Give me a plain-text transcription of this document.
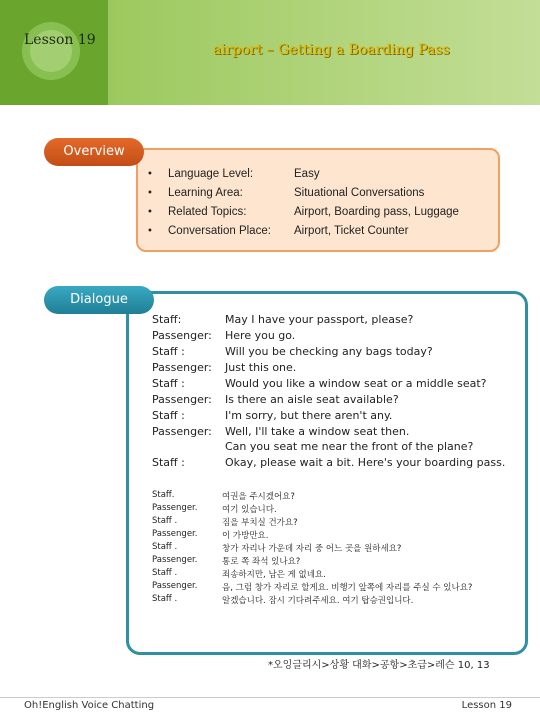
Lesson 19
airport – Getting a Boarding Pass
Overview
• Language Level:	Easy
• Learning Area:	Situational Conversations
• Related Topics:	Airport, Boarding pass, Luggage
• Conversation Place: Airport, Ticket Counter
Dialogue
Staff:	May I have your passport, please?
Passenger: Here you go.
Staff :	Will you be checking any bags today?
Passenger: Just this one.
Staff :	Would you like a window seat or a middle seat?
Passenger: Is there an aisle seat available?
Staff :	I'm sorry, but there aren't any.
Passenger: Well, I'll take a window seat then.
Can you seat me near the front of the plane?
Staff :	Okay, please wait a bit. Here's your boarding pass.
Staff.	여권을 주시겠어요?
Passenger.	여기 있습니다.
Staff .	짐을 부치실 건가요?
Passenger.	이 가방만요.
Staff .	창가 자리나 가운데 자리 중 어느 곳을 원하세요?
Passenger.	통로 쪽 좌석 있나요?
Staff .	죄송하지만, 남은 게 없네요.
Passenger.	음, 그럼 창가 자리로 할게요. 비행기 앞쪽에 자리를 주실 수 있나요?
Staff .	알겠습니다. 잠시 기다려주세요. 여기 탑승권입니다.
*오잉글리시>상황 대화>공항>초급>레슨 10, 13
Oh!English Voice Chatting	Lesson 19
